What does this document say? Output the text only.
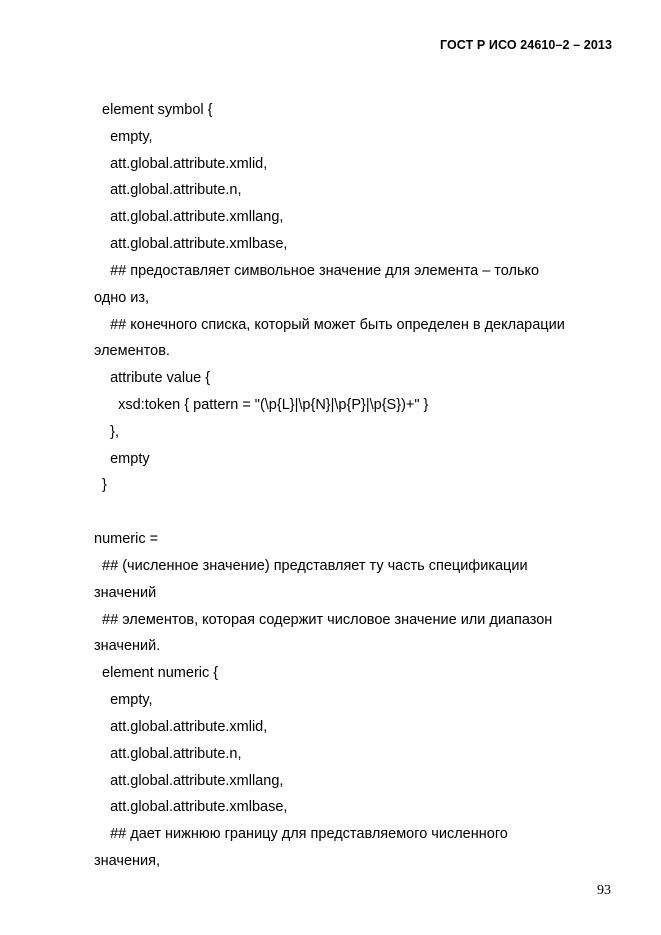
ГОСТ Р ИСО 24610–2 – 2013
element symbol {
empty,
att.global.attribute.xmlid,
att.global.attribute.n,
att.global.attribute.xmllang,
att.global.attribute.xmlbase,
## предоставляет символьное значение для элемента – только
одно из,
## конечного списка, который может быть определен в декларации
элементов.
attribute value {
xsd:token { pattern = "(\p{L}|\p{N}|\p{P}|\p{S})+" }
},
empty
}
numeric =
## (численное значение) представляет ту часть спецификации
значений
## элементов, которая содержит числовое значение или диапазон
значений.
element numeric {
empty,
att.global.attribute.xmlid,
att.global.attribute.n,
att.global.attribute.xmllang,
att.global.attribute.xmlbase,
## дает нижнюю границу для представляемого численного
значения,
93
